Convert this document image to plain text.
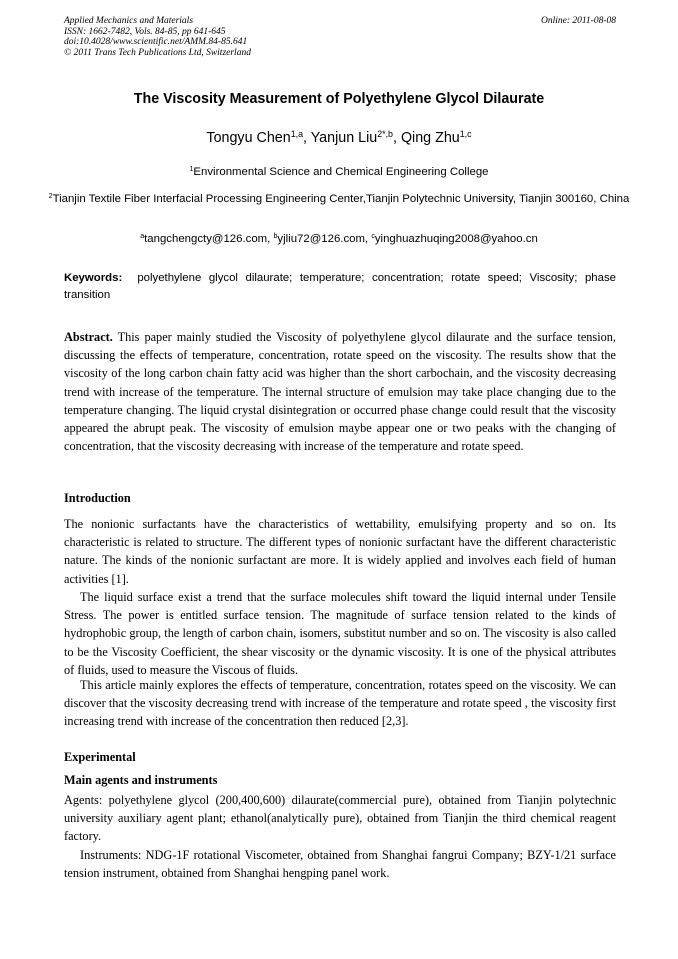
Applied Mechanics and Materials
ISSN: 1662-7482, Vols. 84-85, pp 641-645
doi:10.4028/www.scientific.net/AMM.84-85.641
© 2011 Trans Tech Publications Ltd, Switzerland
Online: 2011-08-08
The Viscosity Measurement of Polyethylene Glycol Dilaurate
Tongyu Chen$^{1,a}$, Yanjun Liu$^{2*,b}$, Qing Zhu$^{1,c}$
$^1$Environmental Science and Chemical Engineering College
$^2$Tianjin Textile Fiber Interfacial Processing Engineering Center,Tianjin Polytechnic University, Tianjin 300160, China
$^a$tangchengcty@126.com, $^b$yjliu72@126.com, $^c$yinghuazhuqing2008@yahoo.cn
Keywords: polyethylene glycol dilaurate; temperature; concentration; rotate speed; Viscosity; phase transition

Abstract. This paper mainly studied the Viscosity of polyethylene glycol dilaurate and the surface tension, discussing the effects of temperature, concentration, rotate speed on the viscosity. The results show that the viscosity of the long carbon chain fatty acid was higher than the short carbochain, and the viscosity decreasing trend with increase of the temperature. The internal structure of emulsion may take place changing due to the temperature changing. The liquid crystal disintegration or occurred phase change could result that the viscosity appeared the abrupt peak. The viscosity of emulsion maybe appear one or two peaks with the changing of concentration, that the viscosity decreasing with increase of the temperature and rotate speed.

Introduction

The nonionic surfactants have the characteristics of wettability, emulsifying property and so on. Its characteristic is related to structure. The different types of nonionic surfactant have the different characteristic nature. The kinds of the nonionic surfactant are more. It is widely applied and involves each field of human activities [1].

The liquid surface exist a trend that the surface molecules shift toward the liquid internal under Tensile Stress. The power is entitled surface tension. The magnitude of surface tension related to the kinds of hydrophobic group, the length of carbon chain, isomers, substitut number and so on. The viscosity is also called to be the Viscosity Coefficient, the shear viscosity or the dynamic viscosity. It is one of the physical attributes of fluids, used to measure the Viscous of fluids.

This article mainly explores the effects of temperature, concentration, rotates speed on the viscosity. We can discover that the viscosity decreasing trend with increase of the temperature and rotate speed , the viscosity first increasing trend with increase of the concentration then reduced [2,3].

Experimental
Main agents and instruments

Agents: polyethylene glycol (200,400,600) dilaurate(commercial pure), obtained from Tianjin polytechnic university auxiliary agent plant; ethanol(analytically pure), obtained from Tianjin the third chemical reagent factory.

Instruments: NDG-1F rotational Viscometer, obtained from Shanghai fangrui Company; BZY-1/21 surface tension instrument, obtained from Shanghai hengping panel work.
